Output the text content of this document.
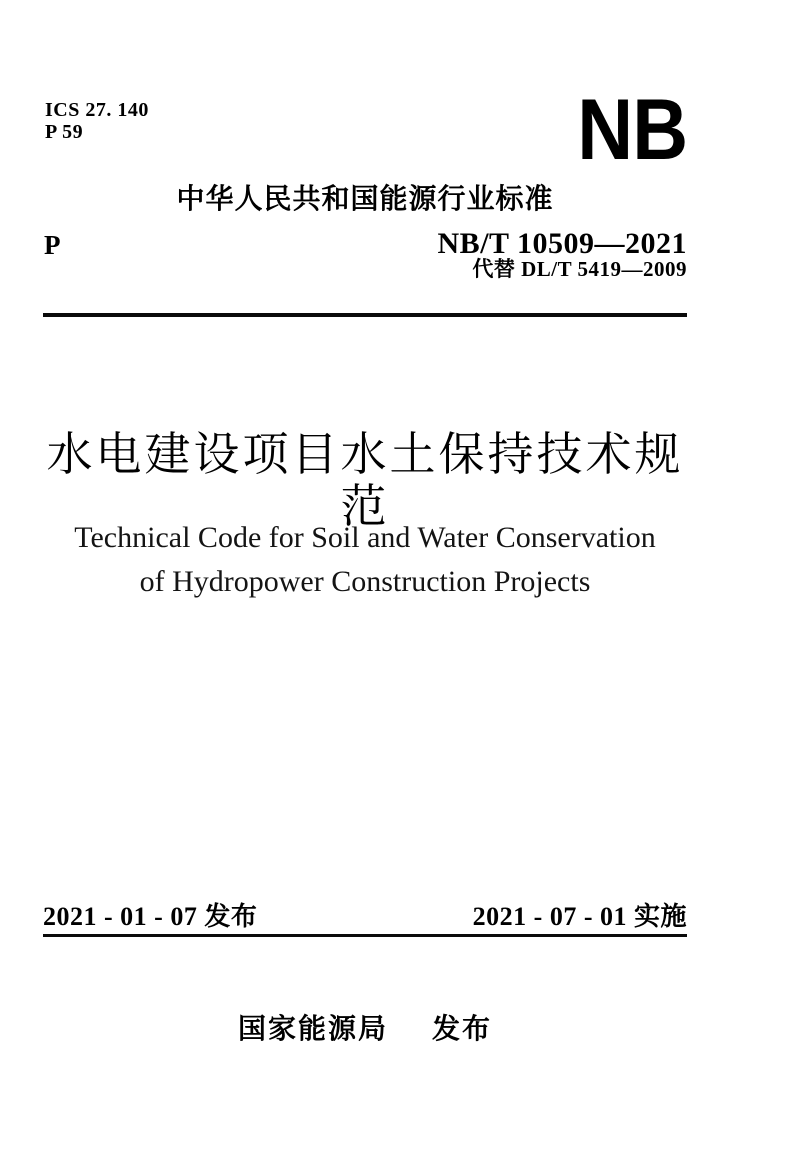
ICS 27. 140
P 59	NB
中华人民共和国能源行业标准
P	NB/T 10509—2021
代替 DL/T 5419—2009
水电建设项目水土保持技术规范
Technical Code for Soil and Water Conservation
of Hydropower Construction Projects
2021 - 01 - 07 发布	2021 - 07 - 01 实施
国家能源局 发布
